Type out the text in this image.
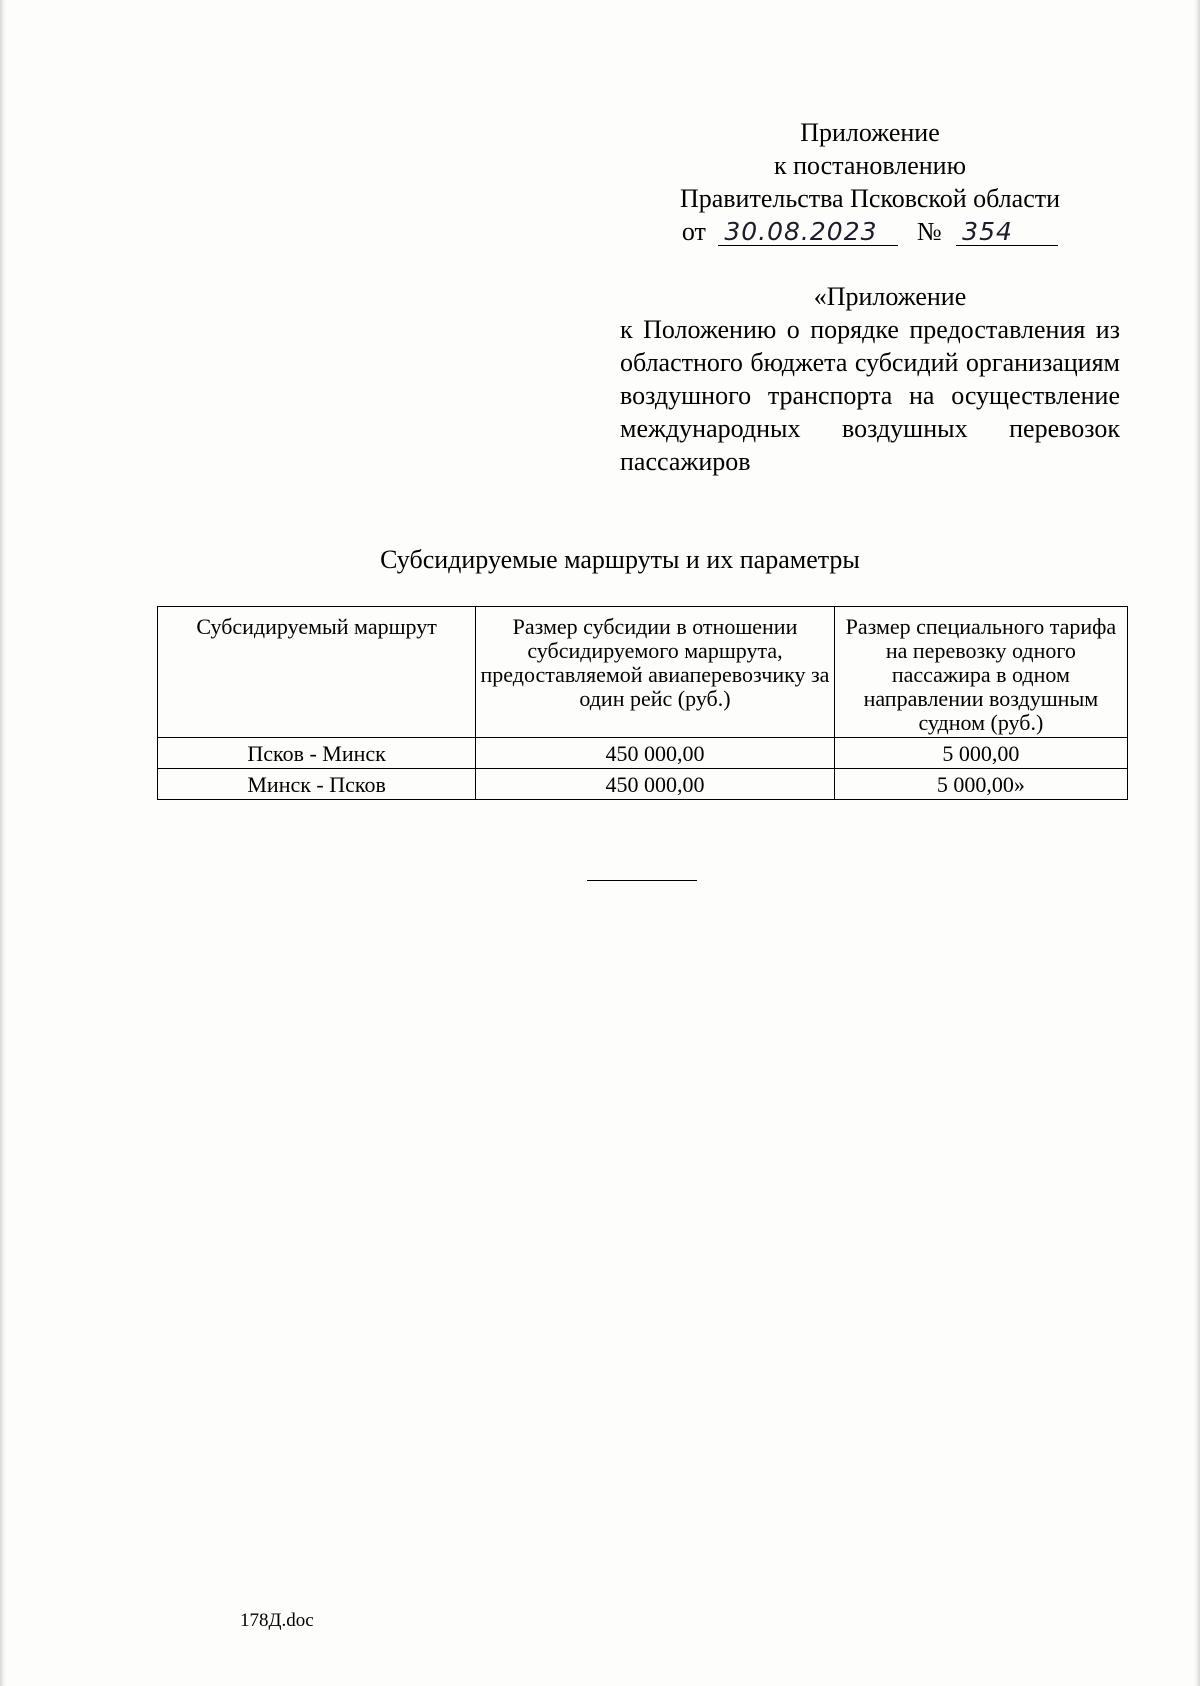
Приложение
к постановлению
Правительства Псковской области
от 30.08.2023 № 354
«Приложение
к Положению о порядке предоставления из областного бюджета субсидий организациям воздушного транспорта на осуществление международных воздушных перевозок пассажиров
Субсидируемые маршруты и их параметры
Субсидируемый маршрут	Размер субсидии в отношении субсидируемого маршрута, предоставляемой авиаперевозчику за один рейс (руб.)	Размер специального тарифа на перевозку одного пассажира в одном направлении воздушным судном (руб.)
Псков - Минск	450 000,00	5 000,00
Минск - Псков	450 000,00	5 000,00»
178Д.doc
